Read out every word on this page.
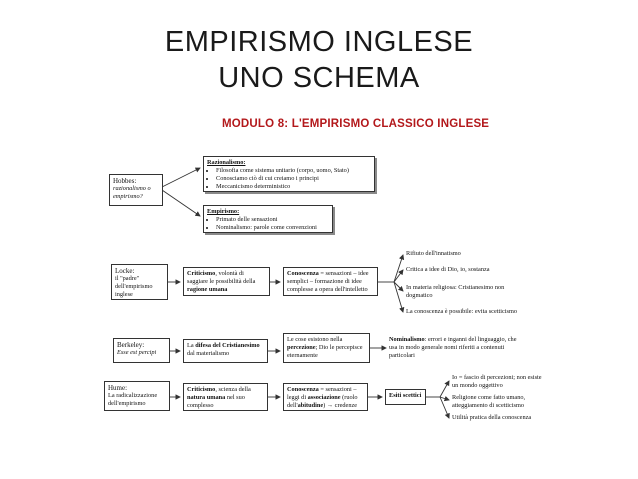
EMPIRISMO INGLESE
UNO SCHEMA
MODULO 8: L'EMPIRISMO CLASSICO INGLESE
Hobbes:
razionalismo o empirismo?
Razionalismo:
• Filosofia come sistema unitario (corpo, uomo, Stato)
• Conosciamo ciò di cui creiamo i principi
• Meccanicismo deterministico
Empirismo:
• Primato delle sensazioni
• Nominalismo: parole come convenzioni
Locke:
il "padre" dell'empirismo inglese
Criticismo, volontà di saggiare le possibilità della ragione umana
Conoscenza = sensazioni – idee semplici – formazione di idee complesse a opera dell'intelletto
Rifiuto dell'innatismo
Critica a idee di Dio, io, sostanza
In materia religiosa: Cristianesimo non dogmatico
La conoscenza è possibile: evita scetticismo
Berkeley:
Esse est percipi
La difesa del Cristianesimo dal materialismo
Le cose esistono nella percezione; Dio le percepisce eternamente
Nominalismo: errori e inganni del linguaggio, che usa in modo generale nomi riferiti a contenuti particolari
Hume:
La radicalizzazione dell'empirismo
Criticismo, scienza della natura umana nel suo complesso
Conoscenza = sensazioni – leggi di associazione (ruolo dell'abitudine) → credenze
Esiti scettici
Io = fascio di percezioni; non esiste un mondo oggettivo
Religione come fatto umano, atteggiamento di scetticismo
Utilità pratica della conoscenza
